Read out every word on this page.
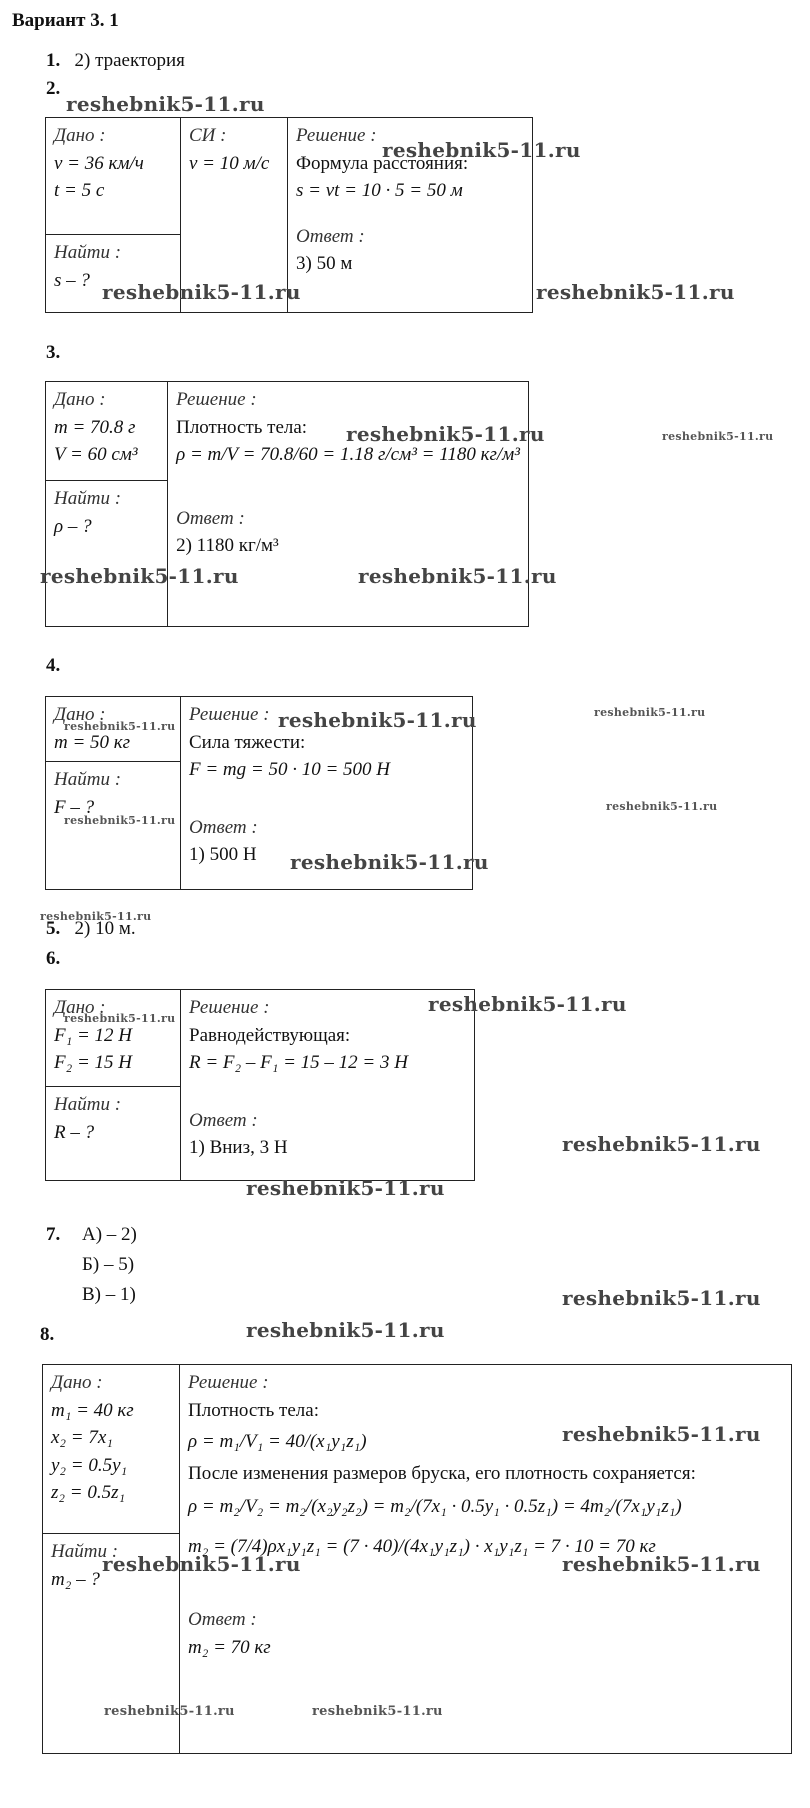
Вариант 3. 1
1. 2) траектория
2.
Дано :
v = 36 км/ч
t = 5 с

СИ :
v = 10 м/с

Решение :
Формула расстояния:
s = vt = 10 · 5 = 50 м
Ответ :
3) 50 м

Найти :
s – ?
3.
Дано :
m = 70.8 г
V = 60 см³

Решение :
Плотность тела:
ρ = m/V = 70.8/60 = 1.18 г/см³ = 1180 кг/м³
Ответ :
2) 1180 кг/м³

Найти :
ρ – ?
4.
Дано :
m = 50 кг

Решение :
Сила тяжести:
F = mg = 50 · 10 = 500 Н
Ответ :
1) 500 Н

Найти :
F – ?
5. 2) 10 м.
6.
Дано :
F₁ = 12 Н
F₂ = 15 Н

Решение :
Равнодействующая:
R = F₂ – F₁ = 15 – 12 = 3 Н
Ответ :
1) Вниз, 3 Н

Найти :
R – ?
7. А) – 2)
Б) – 5)
В) – 1)
8.
Дано :
m₁ = 40 кг
x₂ = 7x₁
y₂ = 0.5y₁
z₂ = 0.5z₁

Решение :
Плотность тела:
ρ = m₁/V₁ = 40/(x₁y₁z₁)
После изменения размеров бруска, его плотность сохраняется:
ρ = m₂/V₂ = m₂/(x₂y₂z₂) = m₂/(7x₁ · 0.5y₁ · 0.5z₁) = 4m₂/(7x₁y₁z₁)
m₂ = (7/4)ρx₁y₁z₁ = (7 · 40)/(4x₁y₁z₁) · x₁y₁z₁ = 7 · 10 = 70 кг
Ответ :
m₂ = 70 кг

Найти :
m₂ – ?
reshebnik5-11.ru
reshebnik5-11.ru
reshebnik5-11.ru	reshebnik5-11.ru
reshebnik5-11.ru	reshebnik5-11.ru
reshebnik5-11.ru	reshebnik5-11.ru
reshebnik5-11.ru	reshebnik5-11.ru	reshebnik5-11.ru
reshebnik5-11.ru
reshebnik5-11.ru
reshebnik5-11.ru
reshebnik5-11.ru
reshebnik5-11.ru
reshebnik5-11.ru
reshebnik5-11.ru
reshebnik5-11.ru
reshebnik5-11.ru
reshebnik5-11.ru
reshebnik5-11.ru
reshebnik5-11.ru	reshebnik5-11.ru
reshebnik5-11.ru	reshebnik5-11.ru
